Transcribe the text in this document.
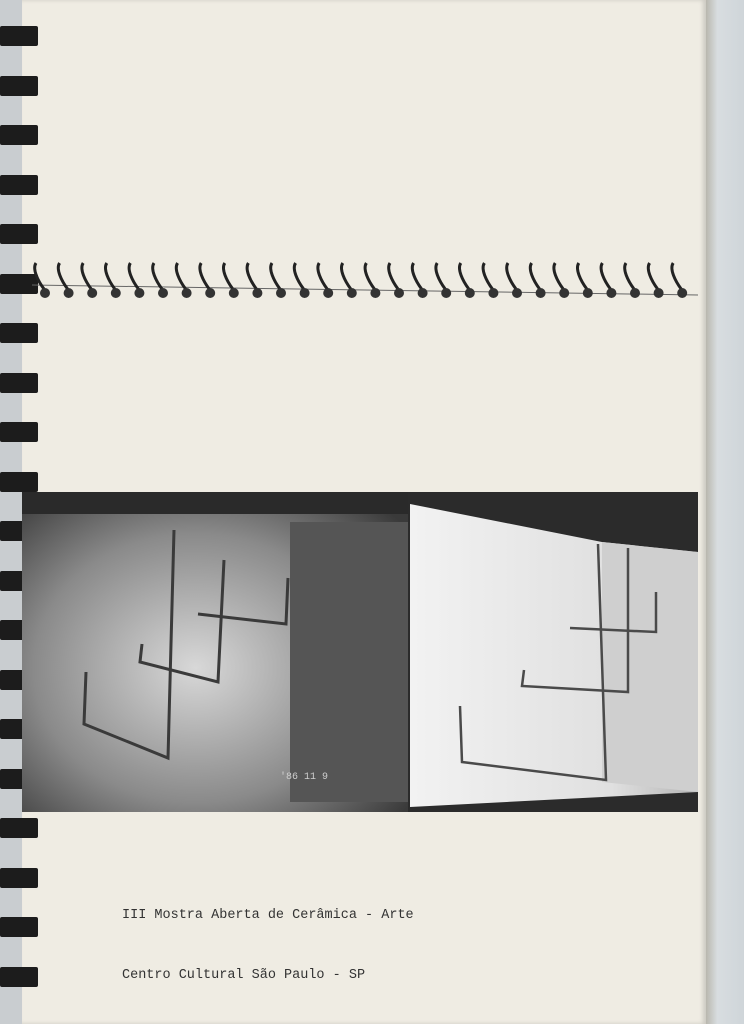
'86 11 9

III Mostra Aberta de Cerâmica - Arte

Centro Cultural São Paulo - SP
